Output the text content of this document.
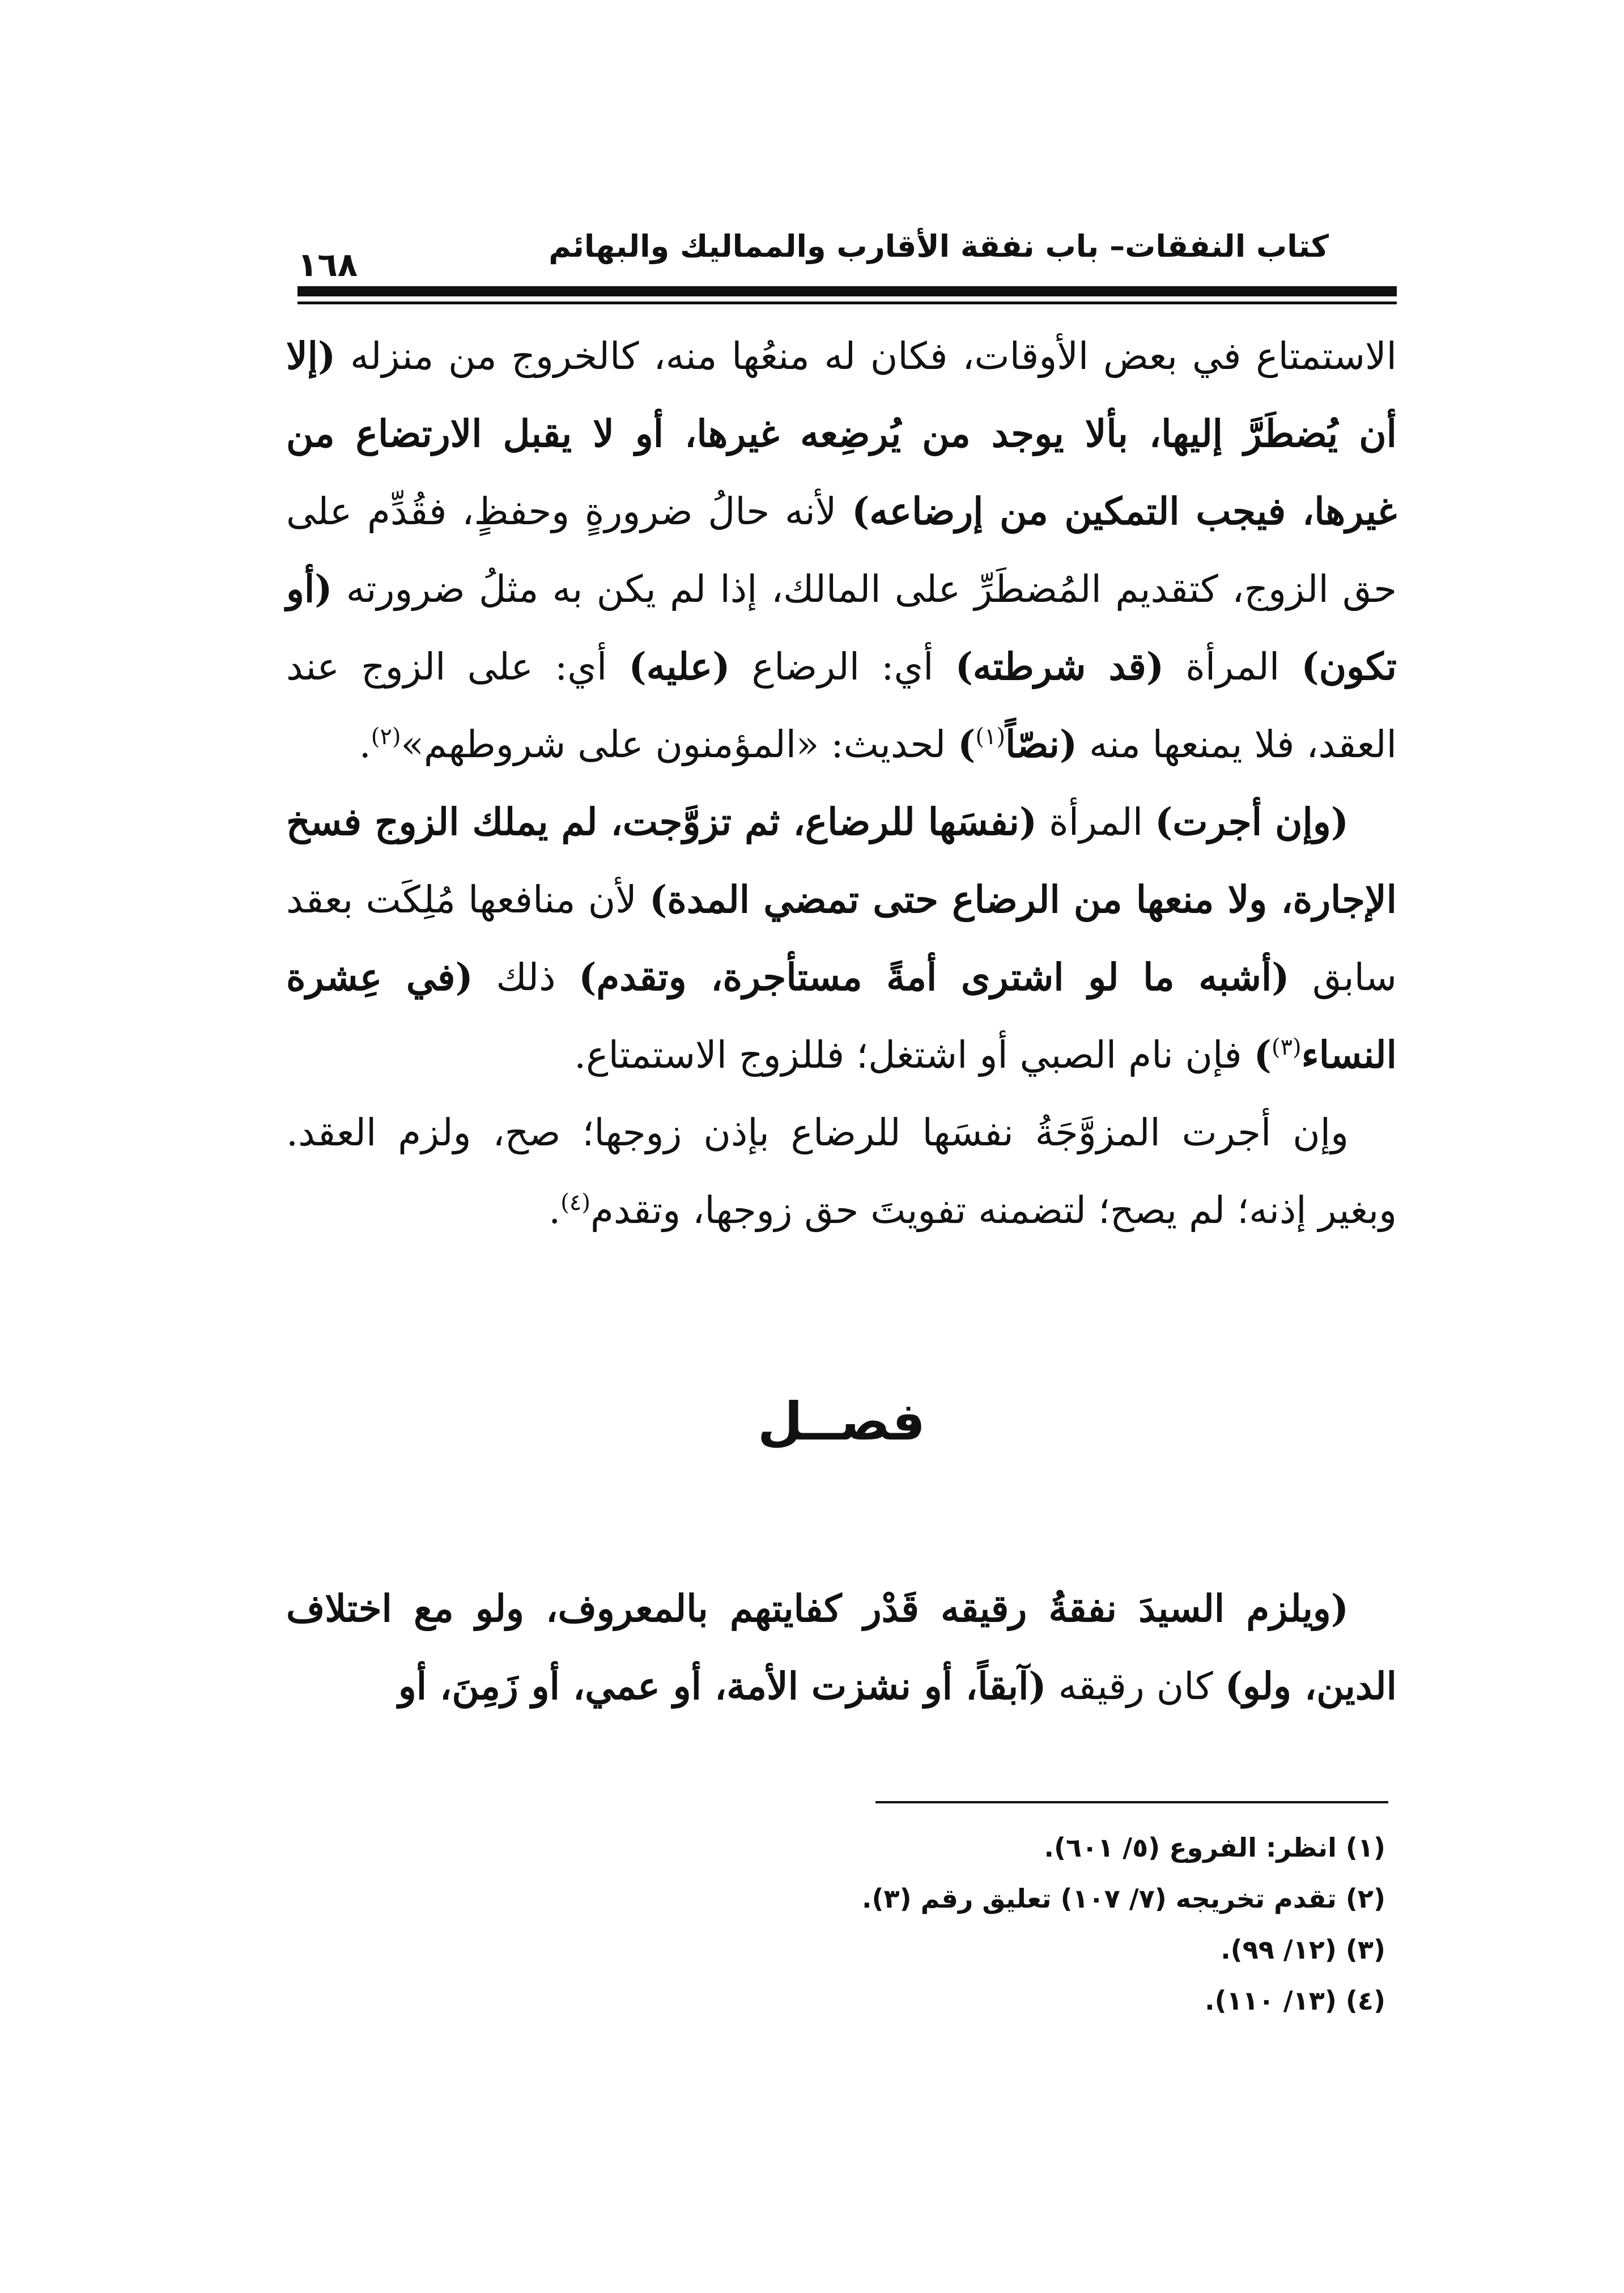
كتاب النفقات– باب نفقة الأقارب والمماليك والبهائم
١٦٨

الاستمتاع في بعض الأوقات، فكان له منعُها منه، كالخروج من منزله (إلا أن يُضطَرَّ إليها، بألا يوجد من يُرضِعه غيرها، أو لا يقبل الارتضاع من غيرها، فيجب التمكين من إرضاعه) لأنه حالُ ضرورةٍ وحفظٍ، فقُدِّم على حق الزوج، كتقديم المُضطَرِّ على المالك، إذا لم يكن به مثلُ ضرورته (أو تكون) المرأة (قد شرطته) أي: الرضاع (عليه) أي: على الزوج عند العقد، فلا يمنعها منه (نصّاً$^{(١)}$) لحديث: «المؤمنون على شروطهم»$^{(٢)}$.

(وإن أجرت) المرأة (نفسَها للرضاع، ثم تزوَّجت، لم يملك الزوج فسخ الإجارة، ولا منعها من الرضاع حتى تمضي المدة) لأن منافعها مُلِكَت بعقد سابق (أشبه ما لو اشترى أمةً مستأجرة، وتقدم) ذلك (في عِشرة النساء$^{(٣)}$) فإن نام الصبي أو اشتغل؛ فللزوج الاستمتاع.

وإن أجرت المزوَّجَةُ نفسَها للرضاع بإذن زوجها؛ صح، ولزم العقد. وبغير إذنه؛ لم يصح؛ لتضمنه تفويتَ حق زوجها، وتقدم$^{(٤)}$.

فصــل

(ويلزم السيدَ نفقةُ رقيقه قَدْر كفايتهم بالمعروف، ولو مع اختلاف الدين، ولو) كان رقيقه (آبقاً، أو نشزت الأمة، أو عمي، أو زَمِنَ، أو

(١) انظر: الفروع (٥/ ٦٠١).

(٢) تقدم تخريجه (٧/ ١٠٧) تعليق رقم (٣).

(٣) (١٢/ ٩٩).

(٤) (١٣/ ١١٠).
